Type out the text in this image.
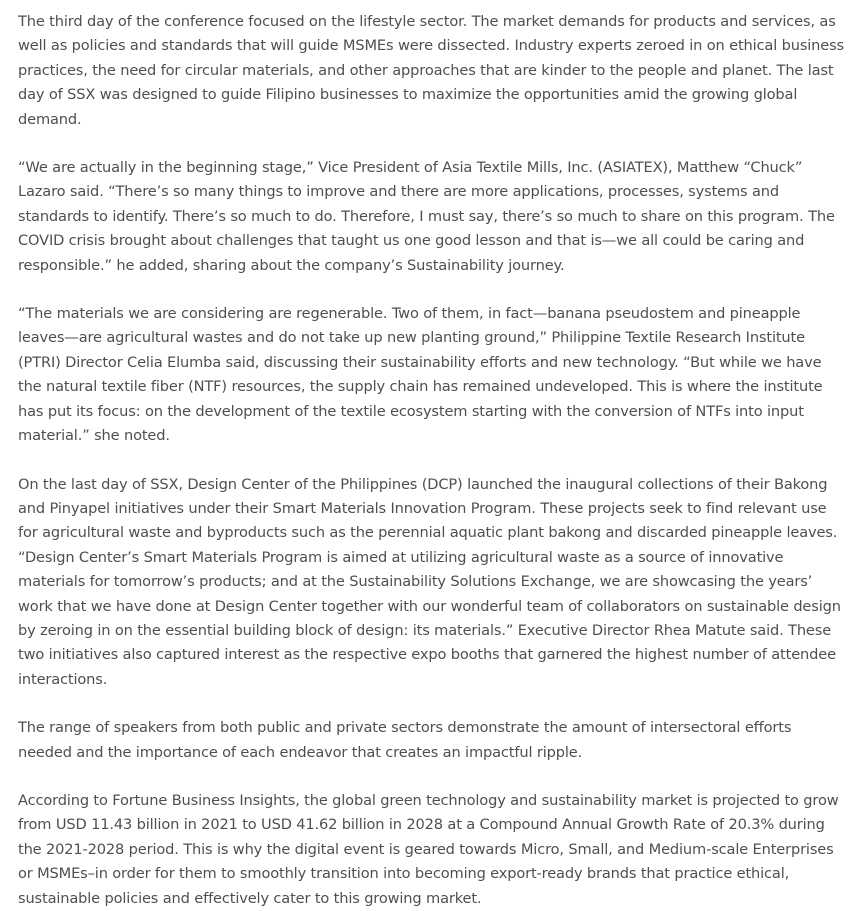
The third day of the conference focused on the lifestyle sector. The market demands for products and services, as well as policies and standards that will guide MSMEs were dissected. Industry experts zeroed in on ethical business practices, the need for circular materials, and other approaches that are kinder to the people and planet. The last day of SSX was designed to guide Filipino businesses to maximize the opportunities amid the growing global demand.

“We are actually in the beginning stage,” Vice President of Asia Textile Mills, Inc. (ASIATEX), Matthew “Chuck” Lazaro said. “There’s so many things to improve and there are more applications, processes, systems and standards to identify. There’s so much to do. Therefore, I must say, there’s so much to share on this program. The COVID crisis brought about challenges that taught us one good lesson and that is—we all could be caring and responsible.” he added, sharing about the company’s Sustainability journey.

“The materials we are considering are regenerable. Two of them, in fact—banana pseudostem and pineapple leaves—are agricultural wastes and do not take up new planting ground,” Philippine Textile Research Institute (PTRI) Director Celia Elumba said, discussing their sustainability efforts and new technology. “But while we have the natural textile fiber (NTF) resources, the supply chain has remained undeveloped. This is where the institute has put its focus: on the development of the textile ecosystem starting with the conversion of NTFs into input material.” she noted.

On the last day of SSX, Design Center of the Philippines (DCP) launched the inaugural collections of their Bakong and Pinyapel initiatives under their Smart Materials Innovation Program. These projects seek to find relevant use for agricultural waste and byproducts such as the perennial aquatic plant bakong and discarded pineapple leaves. “Design Center’s Smart Materials Program is aimed at utilizing agricultural waste as a source of innovative materials for tomorrow’s products; and at the Sustainability Solutions Exchange, we are showcasing the years’ work that we have done at Design Center together with our wonderful team of collaborators on sustainable design by zeroing in on the essential building block of design: its materials.” Executive Director Rhea Matute said. These two initiatives also captured interest as the respective expo booths that garnered the highest number of attendee interactions.

The range of speakers from both public and private sectors demonstrate the amount of intersectoral efforts needed and the importance of each endeavor that creates an impactful ripple.

According to Fortune Business Insights, the global green technology and sustainability market is projected to grow from USD 11.43 billion in 2021 to USD 41.62 billion in 2028 at a Compound Annual Growth Rate of 20.3% during the 2021-2028 period. This is why the digital event is geared towards Micro, Small, and Medium-scale Enterprises or MSMEs–in order for them to smoothly transition into becoming export-ready brands that practice ethical, sustainable policies and effectively cater to this growing market.
